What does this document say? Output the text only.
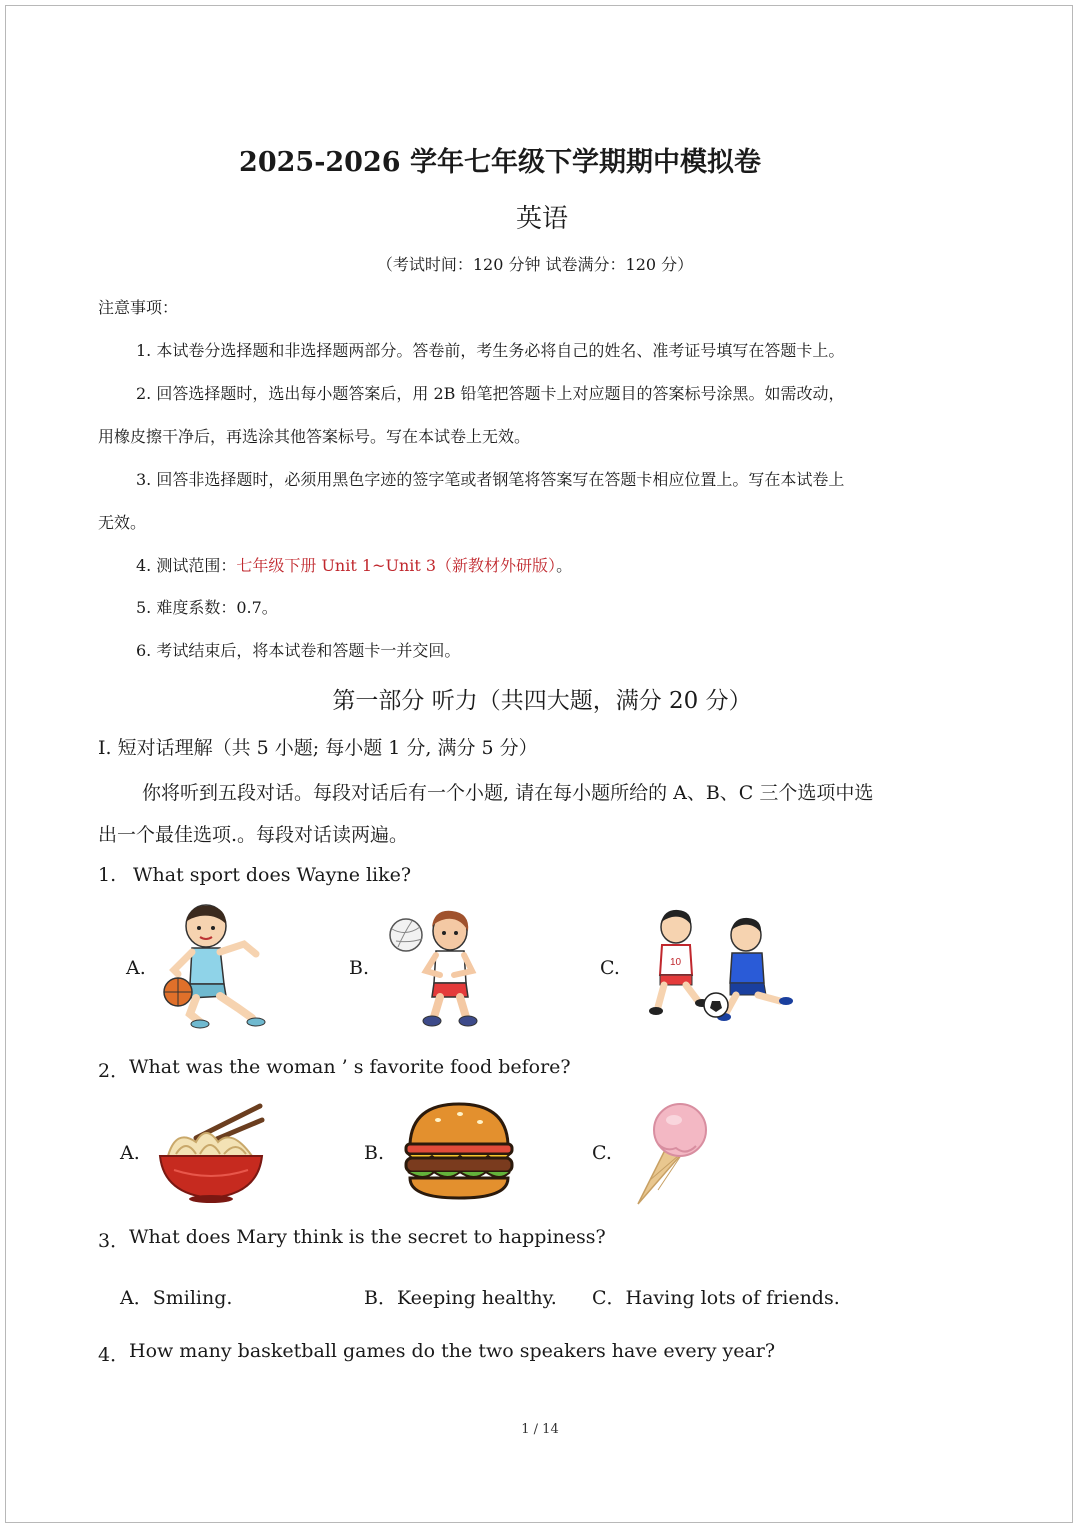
2025-2026 学年七年级下学期期中模拟卷
英语
（考试时间：120 分钟 试卷满分：120 分）
注意事项：
1. 本试卷分选择题和非选择题两部分。答卷前，考生务必将自己的姓名、准考证号填写在答题卡上。
2. 回答选择题时，选出每小题答案后，用 2B 铅笔把答题卡上对应题目的答案标号涂黑。如需改动，
用橡皮擦干净后，再选涂其他答案标号。写在本试卷上无效。
3. 回答非选择题时，必须用黑色字迹的签字笔或者钢笔将答案写在答题卡相应位置上。写在本试卷上
无效。
4. 测试范围：七年级下册 Unit 1~Unit 3（新教材外研版）。
5. 难度系数：0.7。
6. 考试结束后，将本试卷和答题卡一并交回。
第一部分 听力（共四大题，满分 20 分）
I. 短对话理解（共 5 小题; 每小题 1 分, 满分 5 分）
你将听到五段对话。每段对话后有一个小题, 请在每小题所给的 A、B、C 三个选项中选
出一个最佳选项.。每段对话读两遍。
1. What sport does Wayne like?
A.	B.	C.	10
2． What was the woman ’ s favorite food before?
A.	B.	C.
3． What does Mary think is the secret to happiness?
A．Smiling.	B．Keeping healthy. C．Having lots of friends.
4． How many basketball games do the two speakers have every year?
1 / 14
